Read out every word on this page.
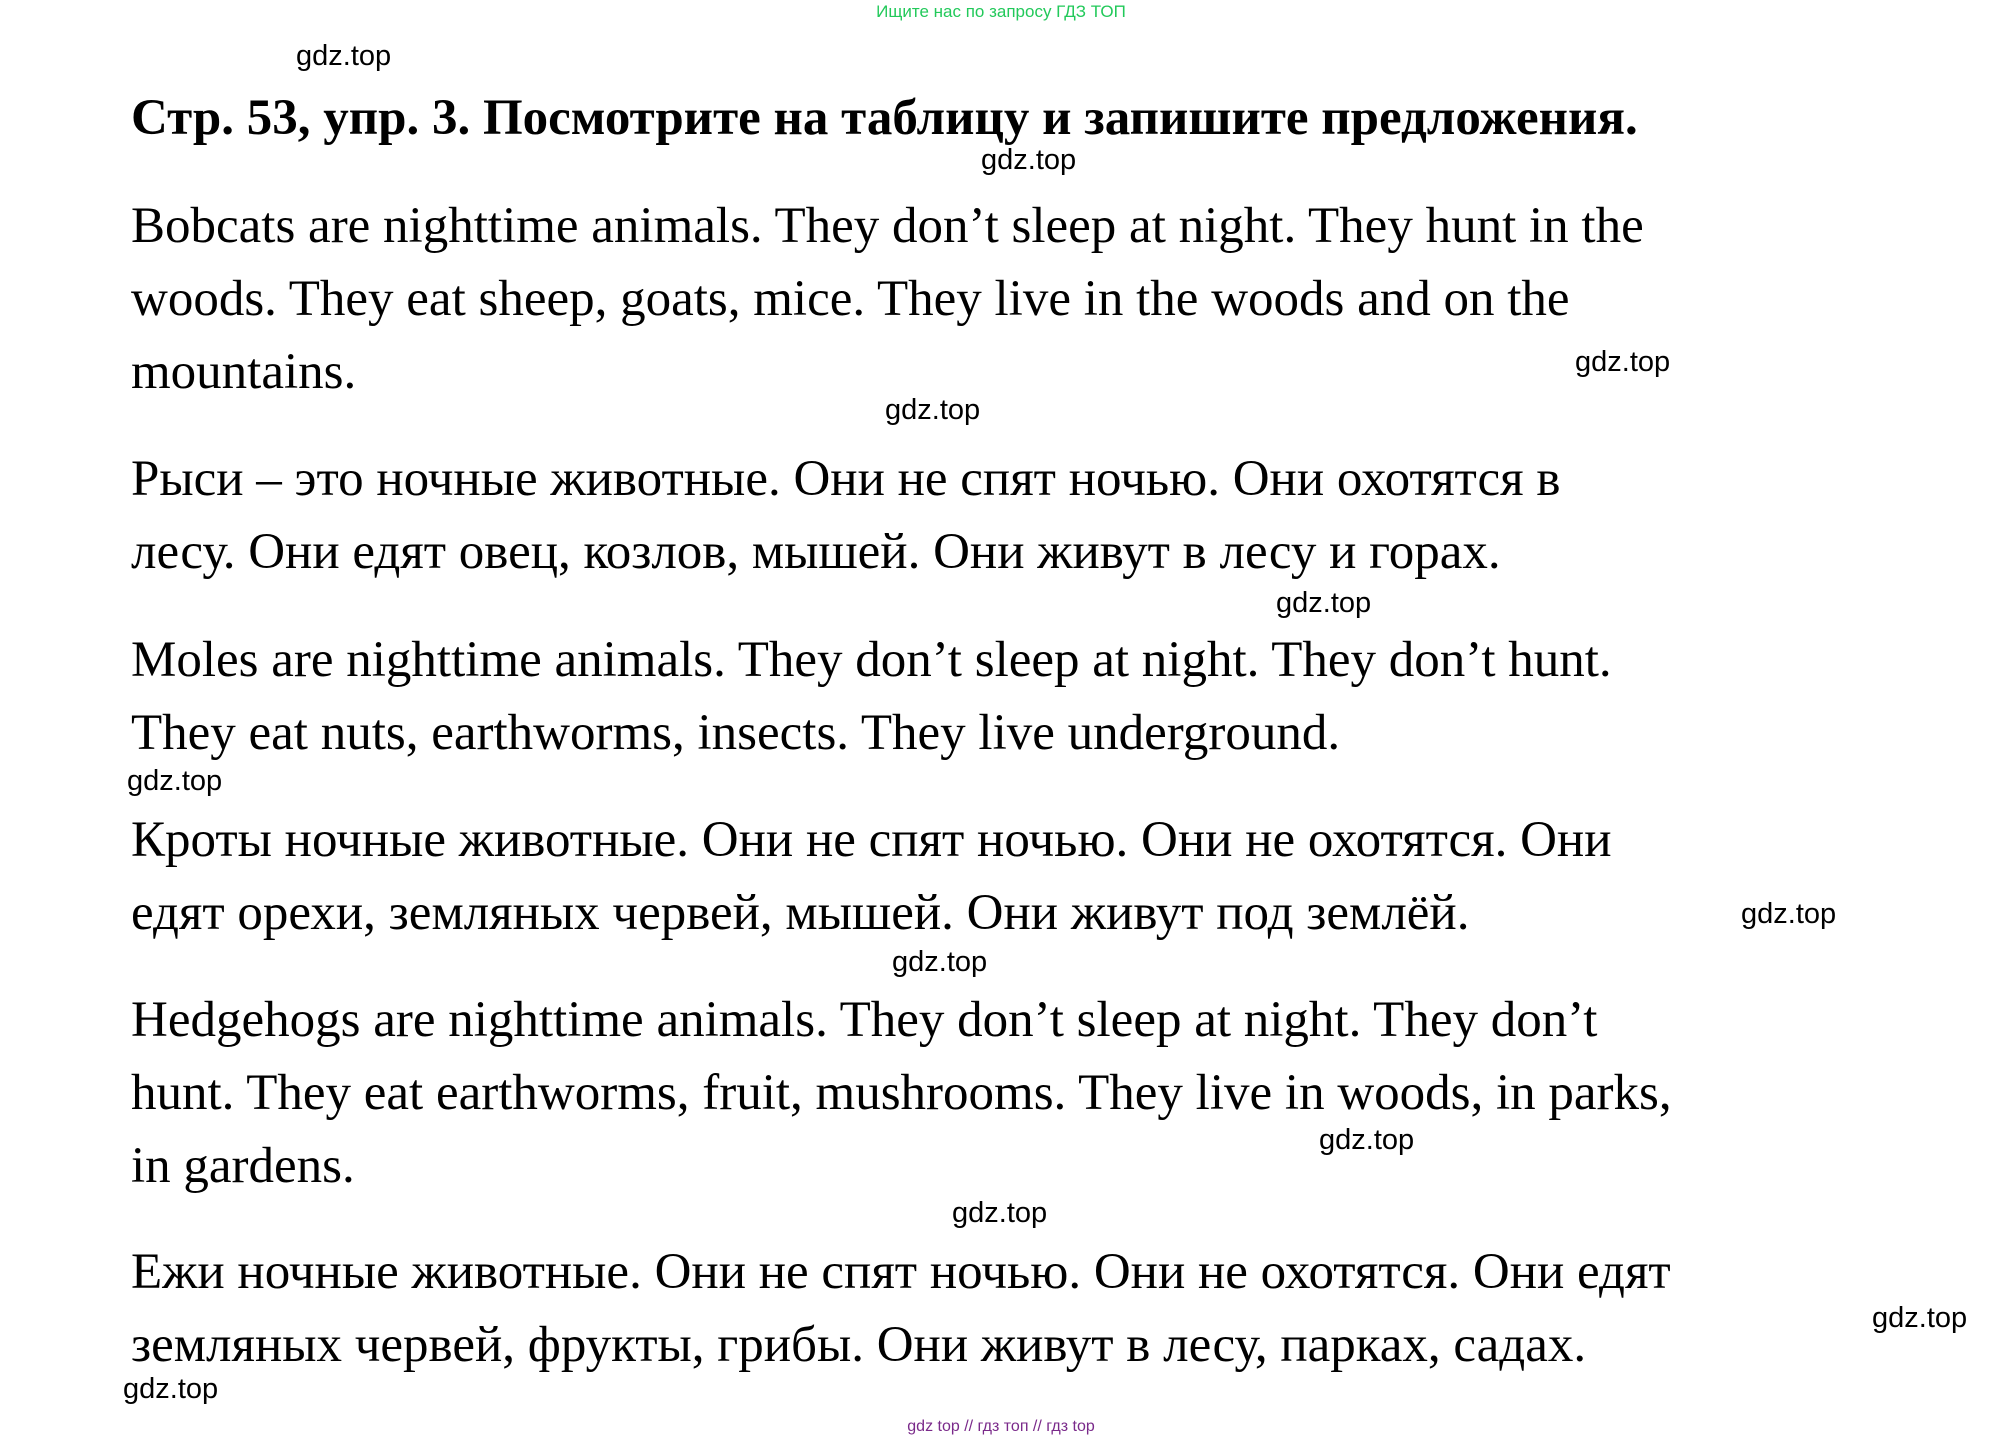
Ищите нас по запросу ГДЗ ТОП
Стр. 53, упр. 3. Посмотрите на таблицу и запишите предложения.
Bobcats are nighttime animals. They don’t sleep at night. They hunt in the
woods. They eat sheep, goats, mice. They live in the woods and on the
mountains.
Рыси – это ночные животные. Они не спят ночью. Они охотятся в
лесу. Они едят овец, козлов, мышей. Они живут в лесу и горах.
Moles are nighttime animals. They don’t sleep at night. They don’t hunt.
They eat nuts, earthworms, insects. They live underground.
Кроты ночные животные. Они не спят ночью. Они не охотятся. Они
едят орехи, земляных червей, мышей. Они живут под землёй.
Hedgehogs are nighttime animals. They don’t sleep at night. They don’t
hunt. They eat earthworms, fruit, mushrooms. They live in woods, in parks,
in gardens.
Ежи ночные животные. Они не спят ночью. Они не охотятся. Они едят
земляных червей, фрукты, грибы. Они живут в лесу, парках, садах.
gdz.top
gdz.top
gdz.top
gdz.top
gdz.top
gdz.top
gdz.top
gdz.top
gdz.top
gdz.top
gdz.top
gdz.top
gdz top // гдз топ // гдз top
